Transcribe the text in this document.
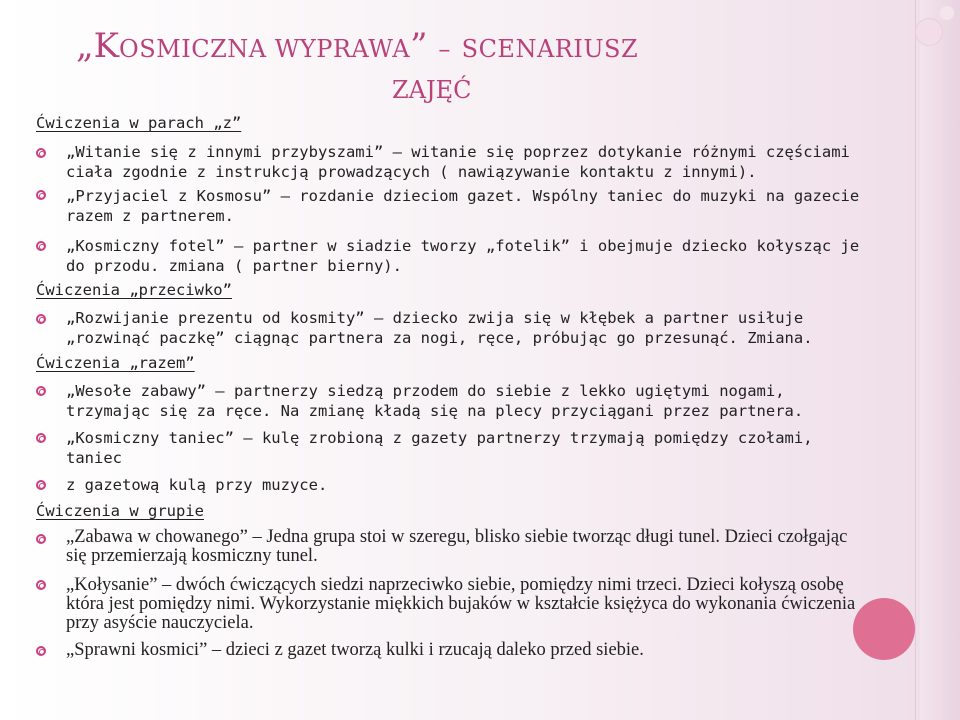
„KOSMICZNA WYPRAWA” – SCENARIUSZ
ZAJĘĆ
Ćwiczenia w parach „z”
„Witanie się z innymi przybyszami” – witanie się poprzez dotykanie różnymi częściami ciała zgodnie z instrukcją prowadzących ( nawiązywanie kontaktu z innymi).
„Przyjaciel z Kosmosu” – rozdanie dzieciom gazet. Wspólny taniec do muzyki na gazecie razem z partnerem.
„Kosmiczny fotel” – partner w siadzie tworzy „fotelik” i obejmuje dziecko kołysząc je do przodu. zmiana ( partner bierny).
Ćwiczenia „przeciwko”
„Rozwijanie prezentu od kosmity” – dziecko zwija się w kłębek a partner usiłuje „rozwinąć paczkę” ciągnąc partnera za nogi, ręce, próbując go przesunąć. Zmiana.
Ćwiczenia „razem”
„Wesołe zabawy” – partnerzy siedzą przodem do siebie z lekko ugiętymi nogami, trzymając się za ręce. Na zmianę kładą się na plecy przyciągani przez partnera.
„Kosmiczny taniec” – kulę zrobioną z gazety partnerzy trzymają pomiędzy czołami, taniec
z gazetową kulą przy muzyce.
Ćwiczenia w grupie
„Zabawa w chowanego” – Jedna grupa stoi w szeregu, blisko siebie tworząc długi tunel. Dzieci czołgając się przemierzają kosmiczny tunel.
„Kołysanie” – dwóch ćwiczących siedzi naprzeciwko siebie, pomiędzy nimi trzeci. Dzieci kołyszą osobę która jest pomiędzy nimi. Wykorzystanie miękkich bujaków w kształcie księżyca do wykonania ćwiczenia przy asyście nauczyciela.
„Sprawni kosmici” – dzieci z gazet tworzą kulki i rzucają daleko przed siebie.
